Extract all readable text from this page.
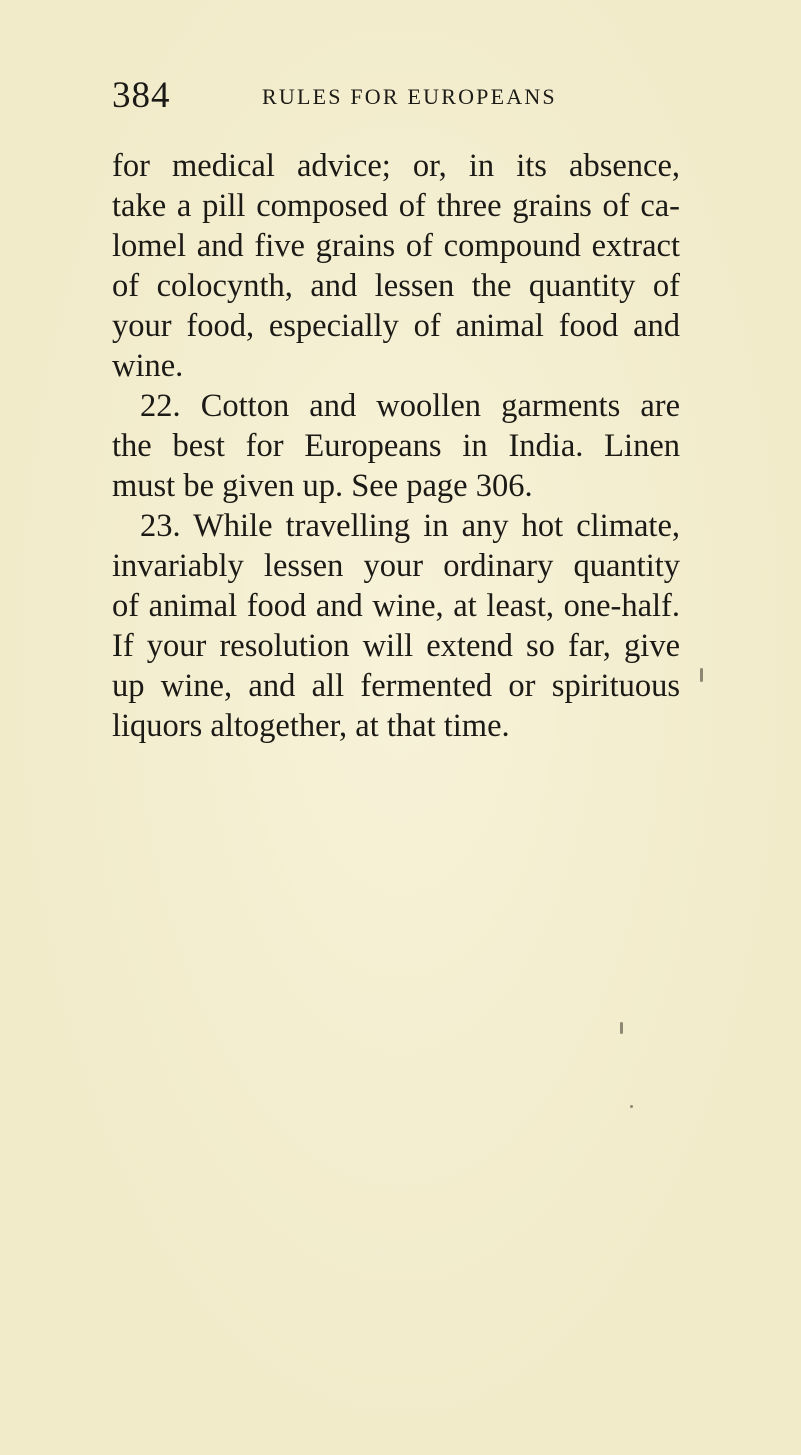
384	RULES FOR EUROPEANS
for medical advice; or, in its absence,
take a pill composed of three grains of ca-
lomel and five grains of compound extract
of colocynth, and lessen the quantity of
your food, especially of animal food and
wine.
22. Cotton and woollen garments are
the best for Europeans in India. Linen
must be given up. See page 306.
23. While travelling in any hot climate,
invariably lessen your ordinary quantity
of animal food and wine, at least, one-half.
If your resolution will extend so far, give
up wine, and all fermented or spirituous
liquors altogether, at that time.
